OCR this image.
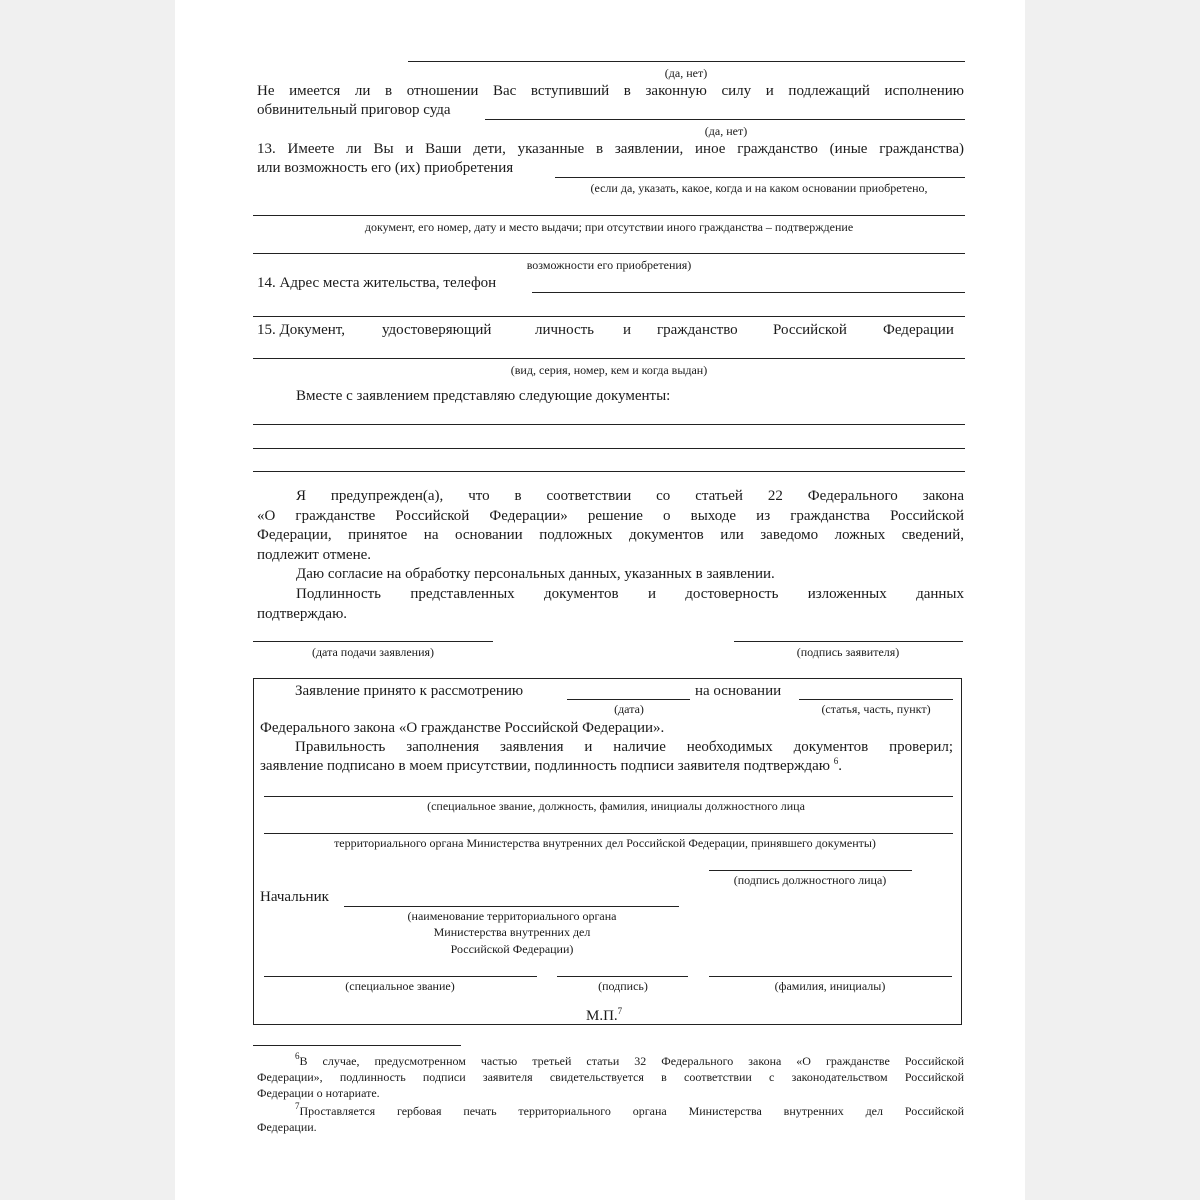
(да, нет)
Не имеется ли в отношении Вас вступивший в законную силу и подлежащий исполнению
обвинительный приговор суда
(да, нет)
13. Имеете ли Вы и Ваши дети, указанные в заявлении, иное гражданство (иные гражданства)
или возможность его (их) приобретения
(если да, указать, какое, когда и на каком основании приобретено,
документ, его номер, дату и место выдачи; при отсутствии иного гражданства – подтверждение
возможности его приобретения)
14. Адрес места жительства, телефон
15. Документ, удостоверяющий	личность и гражданство Российской Федерации
(вид, серия, номер, кем и когда выдан)
Вместе с заявлением представляю следующие документы:
Я предупрежден(а), что в соответствии со статьей 22 Федерального закона
«О гражданстве Российской Федерации» решение о выходе из гражданства Российской
Федерации, принятое на основании подложных документов или заведомо ложных сведений,
подлежит отмене.
Даю согласие на обработку персональных данных, указанных в заявлении.
Подлинность представленных документов и достоверность изложенных данных
подтверждаю.
(дата подачи заявления)	(подпись заявителя)
Заявление принято к рассмотрению
(дата)
на основании
(статья, часть, пункт)
Федерального закона «О гражданстве Российской Федерации».
Правильность заполнения заявления и наличие необходимых документов проверил;
заявление подписано в моем присутствии, подлинность подписи заявителя подтверждаю $^6$.
(специальное звание, должность, фамилия, инициалы должностного лица
территориального органа Министерства внутренних дел Российской Федерации, принявшего документы)
(подпись должностного лица)
Начальник
(наименование территориального органа
Министерства внутренних дел
Российской Федерации)
(специальное звание)	(подпись)	(фамилия, инициалы)
М.П.$^7$
$^6$В случае, предусмотренном частью третьей статьи 32 Федерального закона «О гражданстве Российской
Федерации», подлинность подписи заявителя свидетельствуется в соответствии с законодательством Российской
Федерации о нотариате.
$^7$Проставляется гербовая печать территориального органа Министерства внутренних дел Российской
Федерации.
